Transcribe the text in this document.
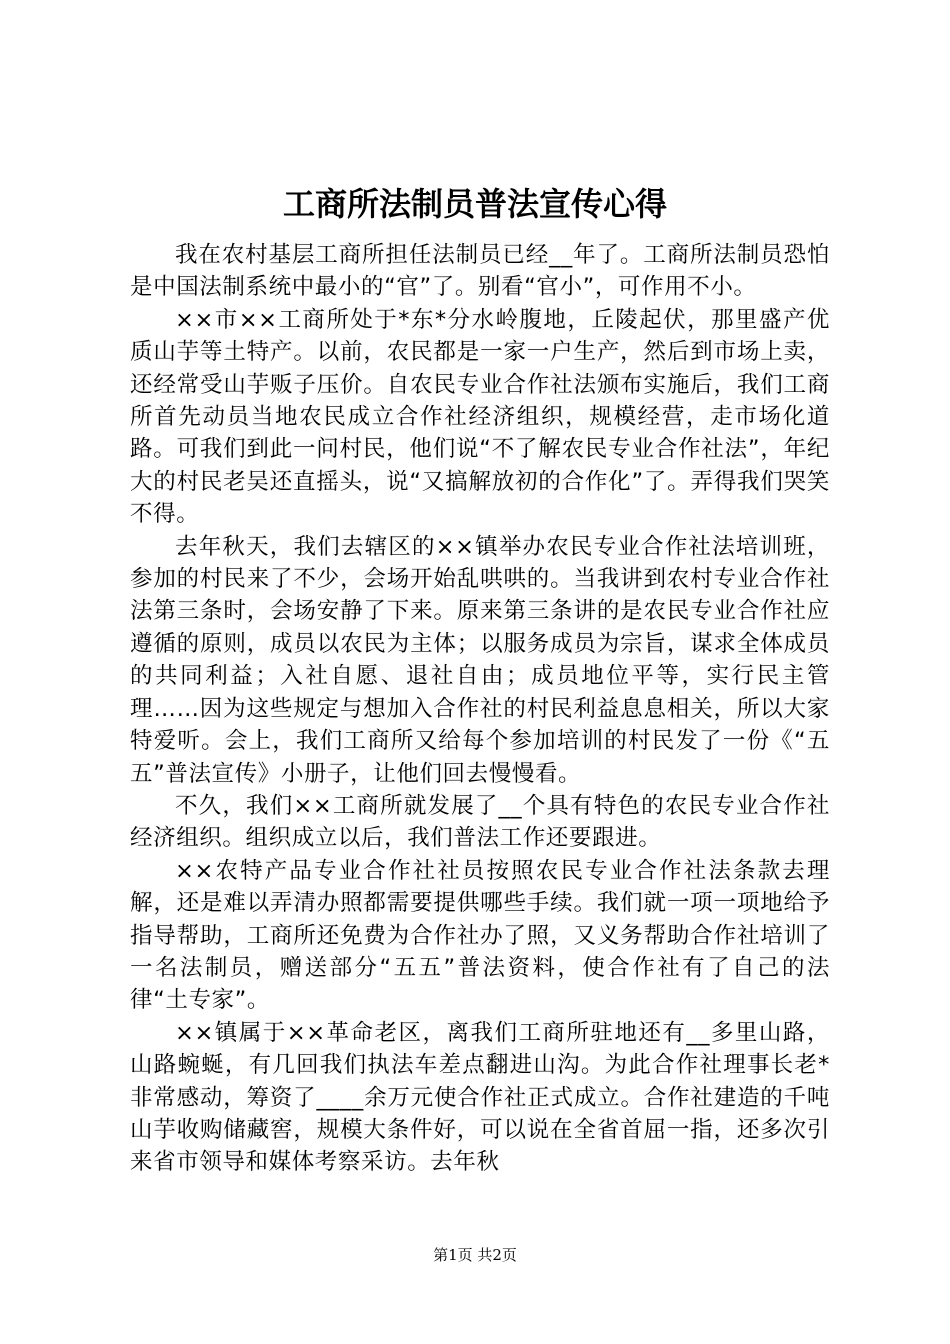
工商所法制员普法宣传心得

我在农村基层工商所担任法制员已经__年了。工商所法制员恐怕是中国法制系统中最小的“官”了。别看“官小”，可作用不小。

××市××工商所处于*东*分水岭腹地，丘陵起伏，那里盛产优质山芋等土特产。以前，农民都是一家一户生产，然后到市场上卖，还经常受山芋贩子压价。自农民专业合作社法颁布实施后，我们工商所首先动员当地农民成立合作社经济组织，规模经营，走市场化道路。可我们到此一问村民，他们说“不了解农民专业合作社法”，年纪大的村民老吴还直摇头，说“又搞解放初的合作化”了。弄得我们哭笑不得。

去年秋天，我们去辖区的××镇举办农民专业合作社法培训班，参加的村民来了不少，会场开始乱哄哄的。当我讲到农村专业合作社法第三条时，会场安静了下来。原来第三条讲的是农民专业合作社应遵循的原则，成员以农民为主体；以服务成员为宗旨，谋求全体成员的共同利益；入社自愿、退社自由；成员地位平等，实行民主管理……因为这些规定与想加入合作社的村民利益息息相关，所以大家特爱听。会上，我们工商所又给每个参加培训的村民发了一份《“五五”普法宣传》小册子，让他们回去慢慢看。

不久，我们××工商所就发展了__个具有特色的农民专业合作社经济组织。组织成立以后，我们普法工作还要跟进。

××农特产品专业合作社社员按照农民专业合作社法条款去理解，还是难以弄清办照都需要提供哪些手续。我们就一项一项地给予指导帮助，工商所还免费为合作社办了照，又义务帮助合作社培训了一名法制员，赠送部分“五五”普法资料，使合作社有了自己的法律“土专家”。

××镇属于××革命老区，离我们工商所驻地还有__多里山路，山路蜿蜒，有几回我们执法车差点翻进山沟。为此合作社理事长老*非常感动，筹资了____余万元使合作社正式成立。合作社建造的千吨山芋收购储藏窖，规模大条件好，可以说在全省首屈一指，还多次引来省市领导和媒体考察采访。去年秋

第1页 共2页
